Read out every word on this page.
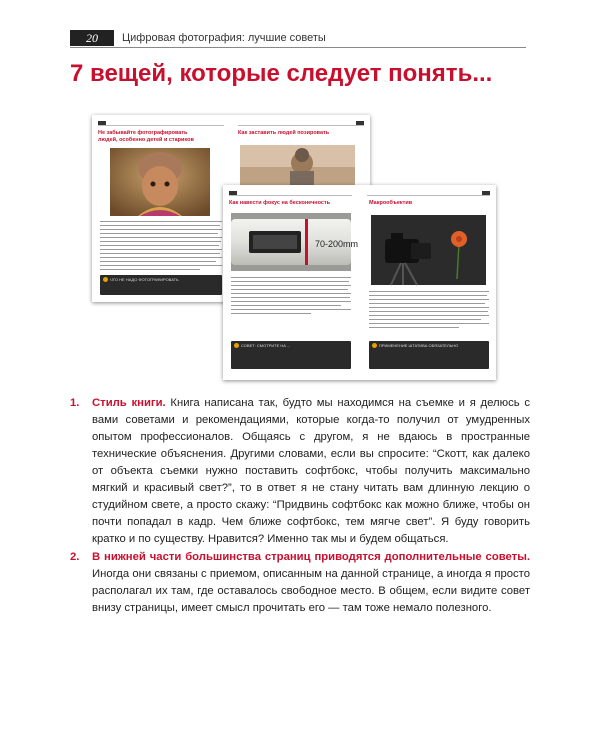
20	Цифровая фотография: лучшие советы
7 вещей, которые следует понять...
Не забывайте фотографировать людей, особенно детей и стариков
ЧТО НЕ НАДО ФОТОГРАФИРОВАТЬ
Как заставить людей позировать
Как навести фокус на бесконечность
70-200mm
СОВЕТ: СМОТРИТЕ НА ...
Макрообъектив
ПРИМЕНЕНИЕ ШТАТИВА ОБЯЗАТЕЛЬНО
1. Стиль книги. Книга написана так, будто мы находимся на съемке и я делюсь с вами советами и рекомендациями, которые когда-то получил от умудренных опытом профессионалов. Общаясь с другом, я не вдаюсь в пространные технические объяснения. Другими словами, если вы спросите: “Скотт, как далеко от объекта съемки нужно поставить софтбокс, чтобы получить максимально мягкий и красивый свет?”, то в ответ я не стану читать вам длинную лекцию о студийном свете, а просто скажу: “Придвинь софтбокс как можно ближе, чтобы он почти попадал в кадр. Чем ближе софтбокс, тем мягче свет”. Я буду говорить кратко и по существу. Нравится? Именно так мы и будем общаться.
2. В нижней части большинства страниц приводятся дополнительные советы. Иногда они связаны с приемом, описанным на данной странице, а иногда я просто располагал их там, где оставалось свободное место. В общем, если видите совет внизу страницы, имеет смысл прочитать его — там тоже немало полезного.
